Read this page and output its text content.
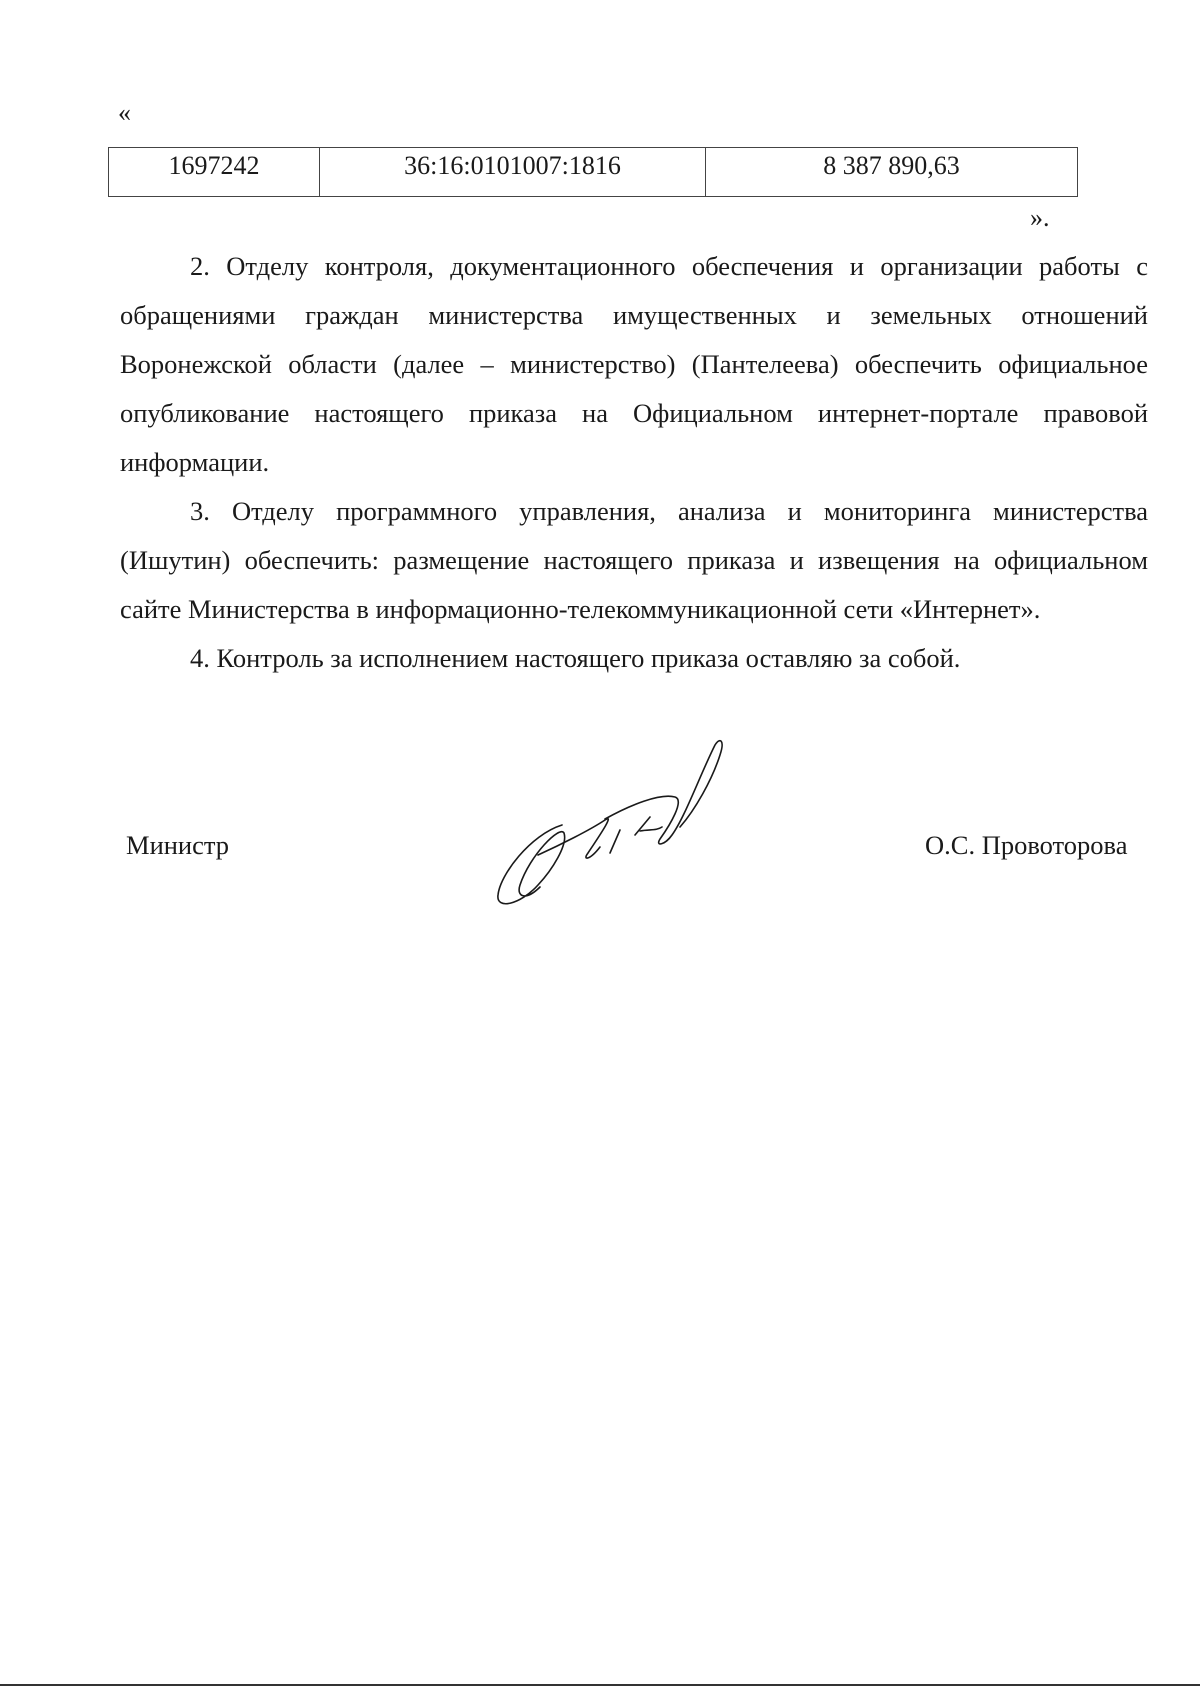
«
1697242	36:16:0101007:1816	8 387 890,63
».

2. Отделу контроля, документационного обеспечения и организации работы с обращениями граждан министерства имущественных и земельных отношений Воронежской области (далее – министерство) (Пантелеева) обеспечить официальное опубликование настоящего приказа на Официальном интернет-портале правовой информации.

3. Отделу программного управления, анализа и мониторинга министерства (Ишутин) обеспечить: размещение настоящего приказа и извещения на официальном сайте Министерства в информационно-телекоммуникационной сети «Интернет».

4. Контроль за исполнением настоящего приказа оставляю за собой.

Министр	О.С. Провоторова
